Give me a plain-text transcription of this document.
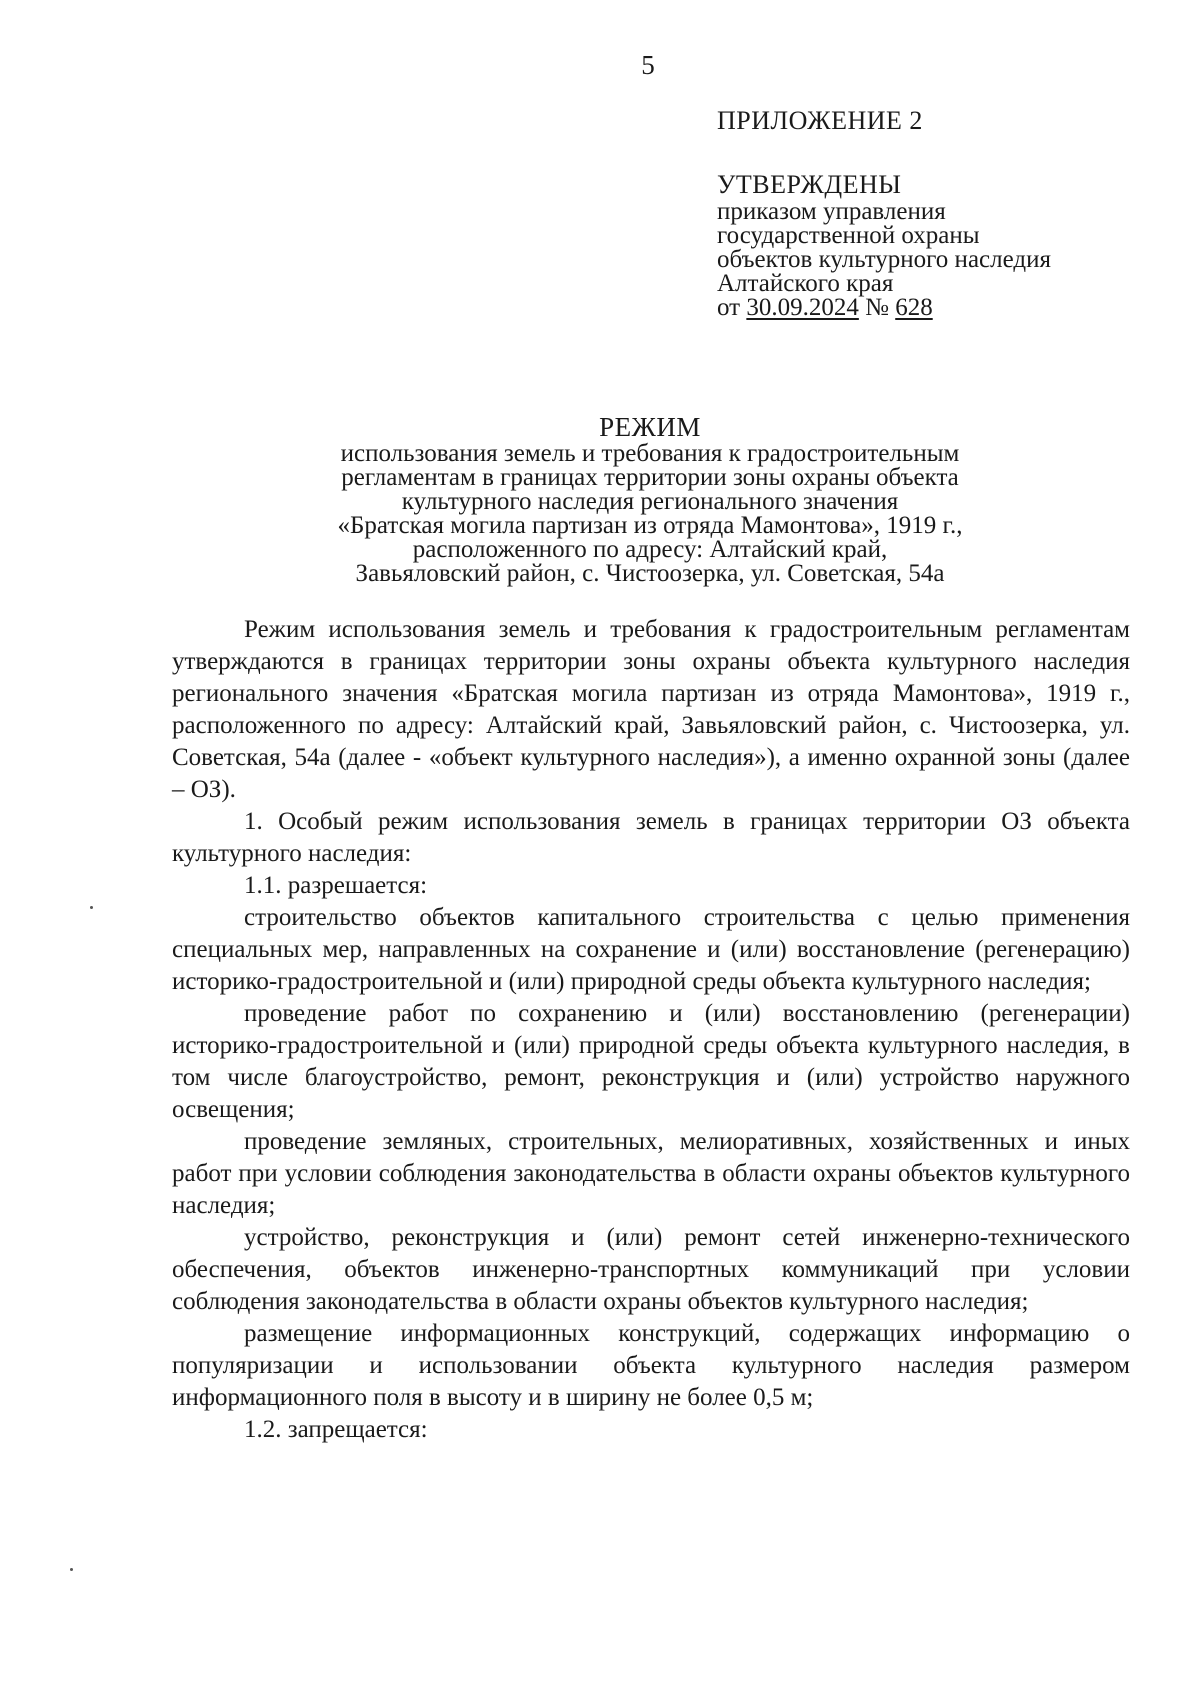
5
ПРИЛОЖЕНИЕ 2
УТВЕРЖДЕНЫ
приказом управления
государственной охраны
объектов культурного наследия
Алтайского края
от 30.09.2024 № 628
РЕЖИМ
использования земель и требования к градостроительным
регламентам в границах территории зоны охраны объекта
культурного наследия регионального значения
«Братская могила партизан из отряда Мамонтова», 1919 г.,
расположенного по адресу: Алтайский край,
Завьяловский район, с. Чистоозерка, ул. Советская, 54а

Режим использования земель и требования к градостроительным регламентам утверждаются в границах территории зоны охраны объекта культурного наследия регионального значения «Братская могила партизан из отряда Мамонтова», 1919 г., расположенного по адресу: Алтайский край, Завьяловский район, с. Чистоозерка, ул. Советская, 54а (далее - «объект культурного наследия»), а именно охранной зоны (далее – ОЗ).

1. Особый режим использования земель в границах территории ОЗ объекта культурного наследия:

1.1. разрешается:

строительство объектов капитального строительства с целью применения специальных мер, направленных на сохранение и (или) восстановление (регенерацию) историко-градостроительной и (или) природной среды объекта культурного наследия;

проведение работ по сохранению и (или) восстановлению (регенерации) историко-градостроительной и (или) природной среды объекта культурного наследия, в том числе благоустройство, ремонт, реконструкция и (или) устройство наружного освещения;

проведение земляных, строительных, мелиоративных, хозяйственных и иных работ при условии соблюдения законодательства в области охраны объектов культурного наследия;

устройство, реконструкция и (или) ремонт сетей инженерно-технического обеспечения, объектов инженерно-транспортных коммуникаций при условии соблюдения законодательства в области охраны объектов культурного наследия;

размещение информационных конструкций, содержащих информацию о популяризации и использовании объекта культурного наследия размером информационного поля в высоту и в ширину не более 0,5 м;

1.2. запрещается:
